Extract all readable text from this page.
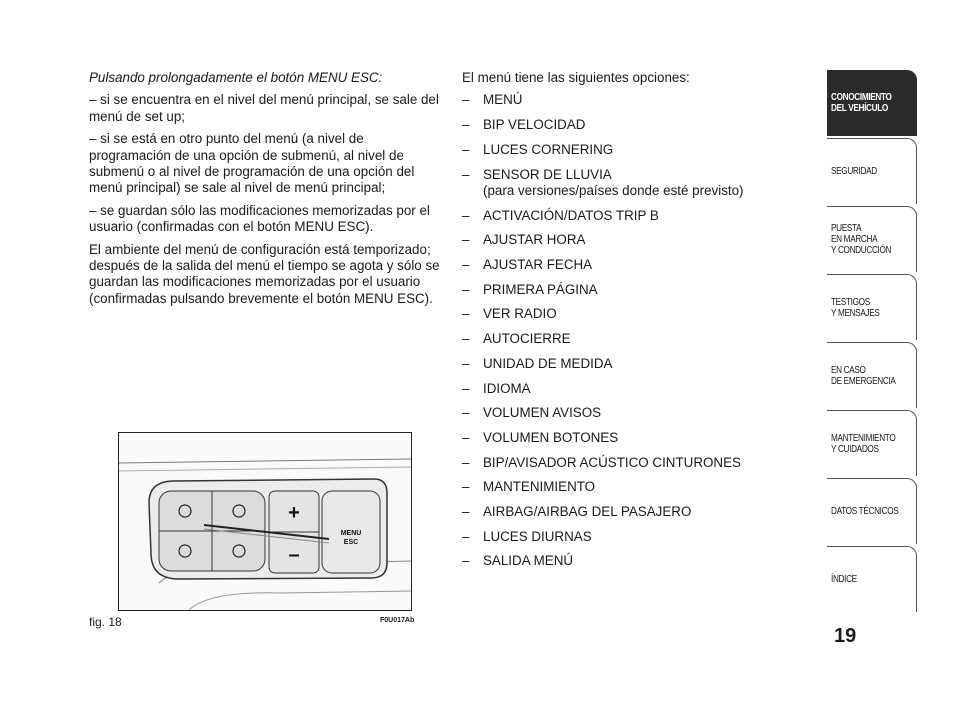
Pulsando prolongadamente el botón MENU ESC:

– si se encuentra en el nivel del menú principal, se sale del menú de set up;

– si se está en otro punto del menú (a nivel de programación de una opción de submenú, al nivel de submenú o al nivel de programación de una opción del menú principal) se sale al nivel de menú principal;

– se guardan sólo las modificaciones memorizadas por el usuario (confirmadas con el botón MENU ESC).

El ambiente del menú de configuración está temporizado; después de la salida del menú el tiempo se agota y sólo se guardan las modificaciones memorizadas por el usuario (confirmadas pulsando brevemente el botón MENU ESC).

El menú tiene las siguientes opciones:

–	MENÚ
–	BIP VELOCIDAD
–	LUCES CORNERING
–	SENSOR DE LLUVIA
(para versiones/países donde esté previsto)
–	ACTIVACIÓN/DATOS TRIP B
–	AJUSTAR HORA
–	AJUSTAR FECHA
–	PRIMERA PÁGINA
–	VER RADIO
–	AUTOCIERRE
–	UNIDAD DE MEDIDA
–	IDIOMA
–	VOLUMEN AVISOS
–	VOLUMEN BOTONES
–	BIP/AVISADOR ACÚSTICO CINTURONES
–	MANTENIMIENTO
–	AIRBAG/AIRBAG DEL PASAJERO
–	LUCES DIURNAS
–	SALIDA MENÚ
+
–
MENU
ESC
fig. 18	F0U017Ab
CONOCIMIENTO
DEL VEHÍCULO
SEGURIDAD
PUESTA
EN MARCHA
Y CONDUCCIÓN
TESTIGOS
Y MENSAJES
EN CASO
DE EMERGENCIA
MANTENIMIENTO
Y CUIDADOS
DATOS TÉCNICOS
ÍNDICE
19
